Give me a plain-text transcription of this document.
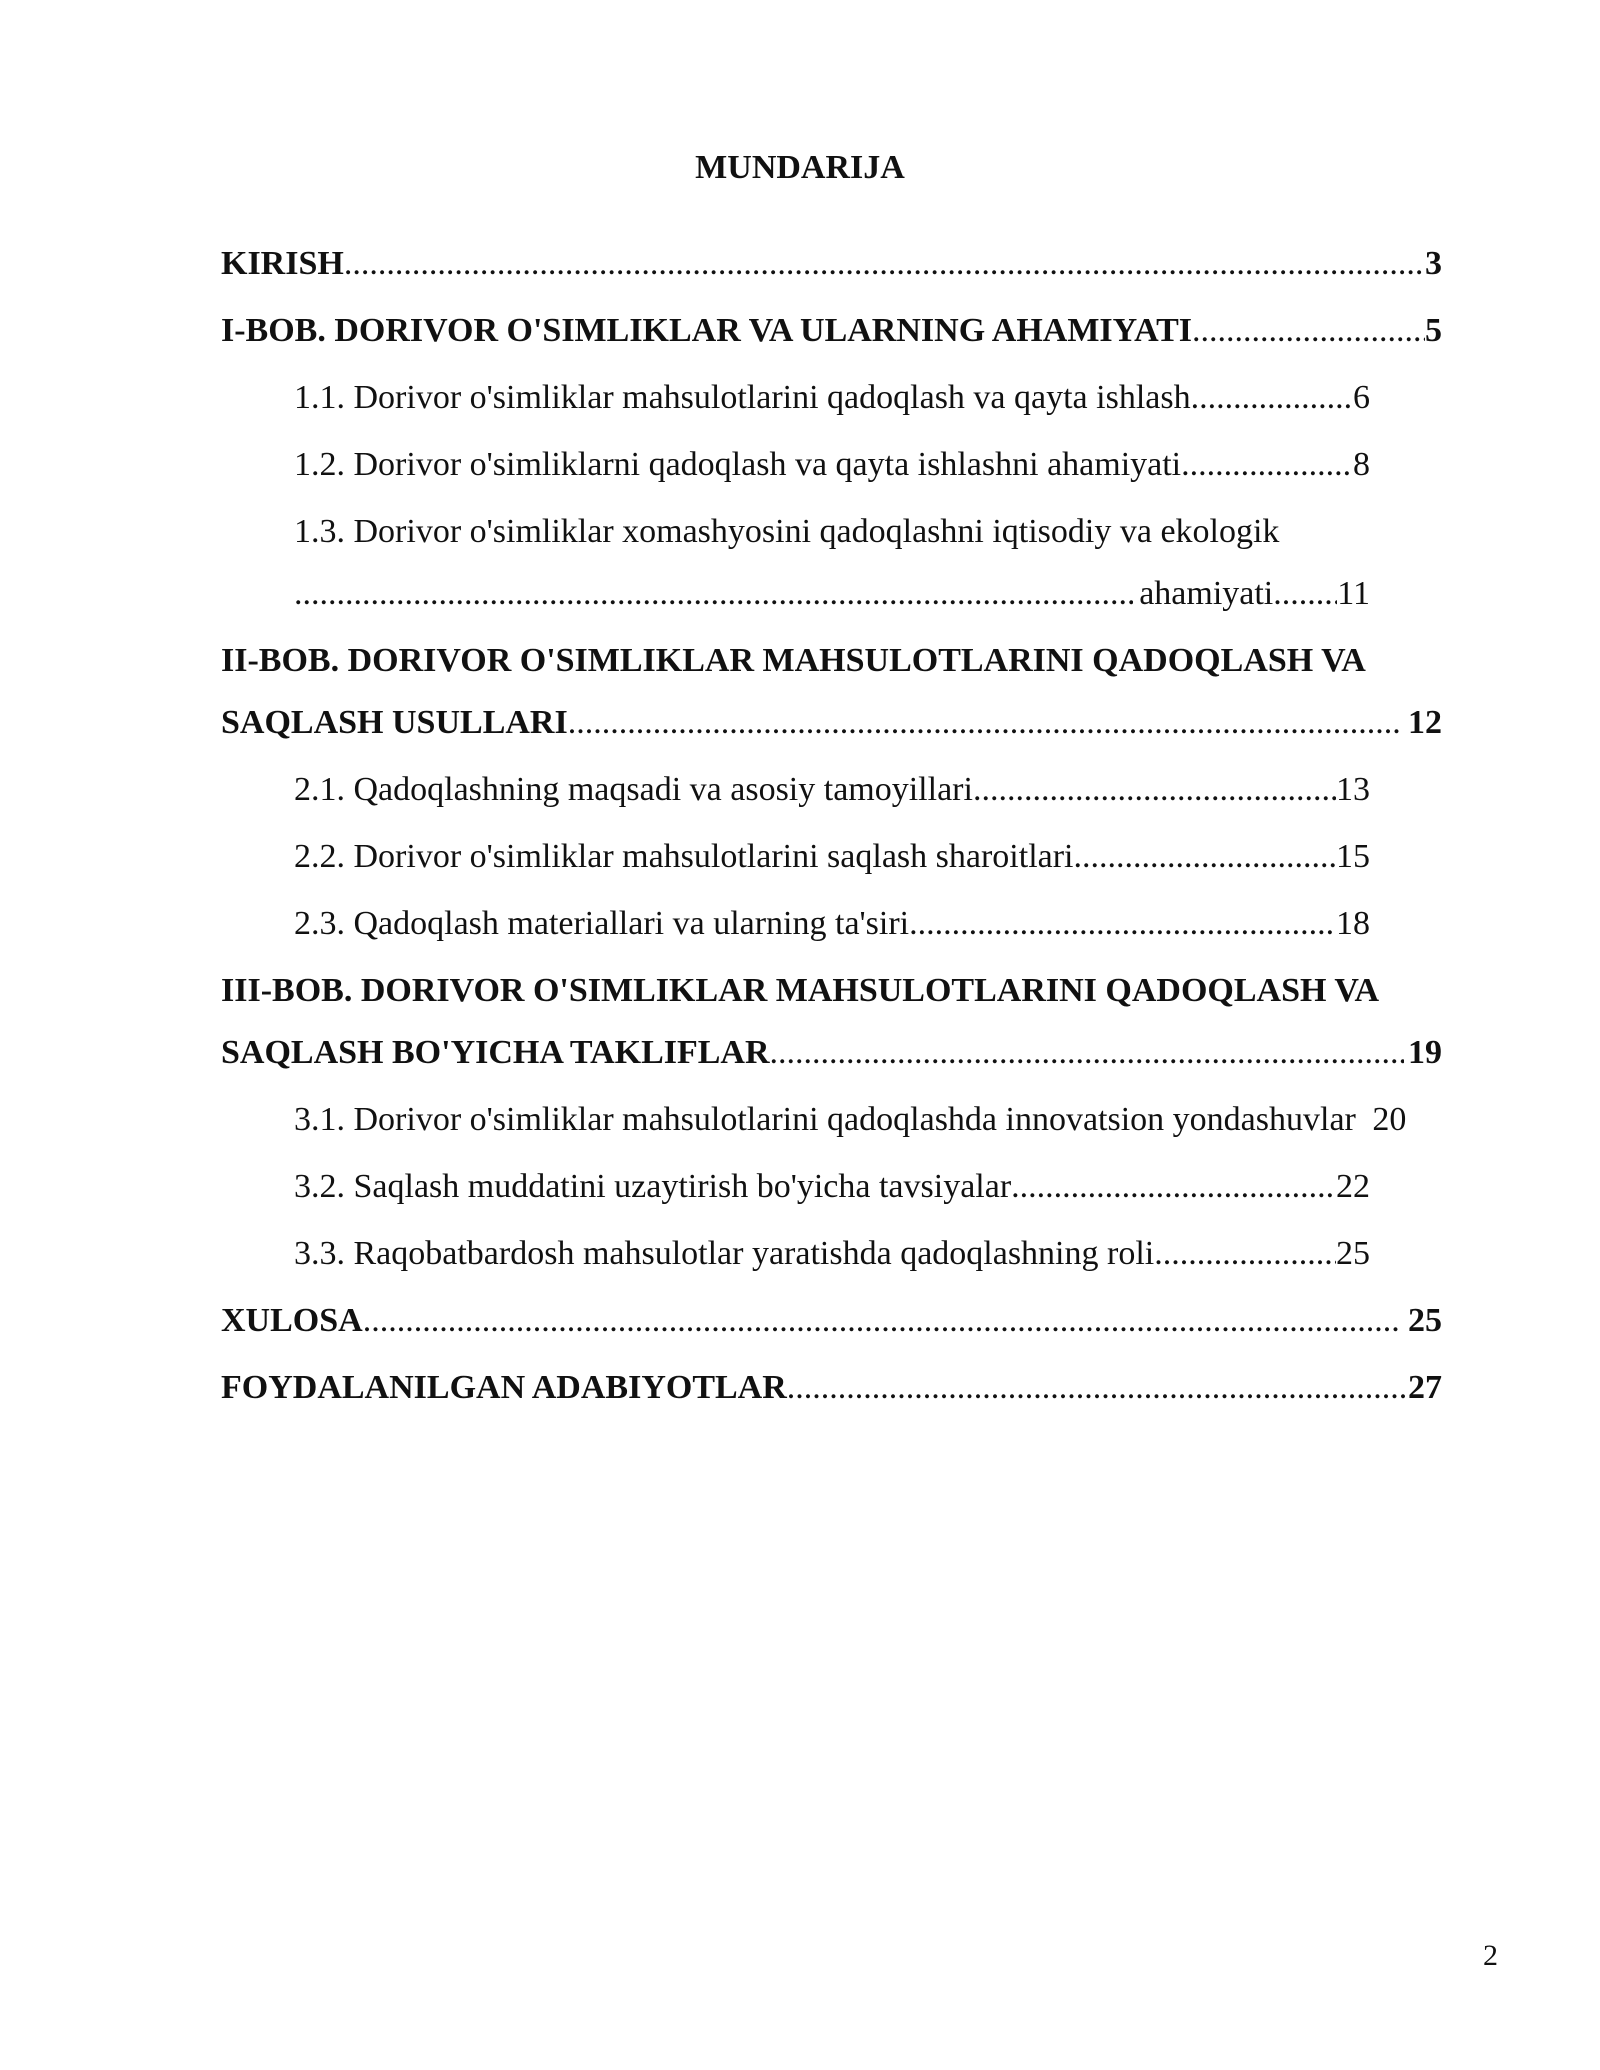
MUNDARIJA
KIRISH .....	3
I-BOB. DORIVOR O'SIMLIKLAR VA ULARNING AHAMIYATI .....	5
1.1. Dorivor o'simliklar mahsulotlarini qadoqlash va qayta ishlash .....	6
1.2. Dorivor o'simliklarni qadoqlash va qayta ishlashni ahamiyati .....	8
1.3. Dorivor o'simliklar xomashyosini qadoqlashni iqtisodiy va ekologik
.....
ahamiyati ..... 11
II-BOB. DORIVOR O'SIMLIKLAR MAHSULOTLARINI QADOQLASH VA
SAQLASH USULLARI .....	12
2.1. Qadoqlashning maqsadi va asosiy tamoyillari .....	13
2.2. Dorivor o'simliklar mahsulotlarini saqlash sharoitlari .....	15
2.3. Qadoqlash materiallari va ularning ta'siri .....	18
III-BOB. DORIVOR O'SIMLIKLAR MAHSULOTLARINI QADOQLASH VA
SAQLASH BO'YICHA TAKLIFLAR .....	19
3.1. Dorivor o'simliklar mahsulotlarini qadoqlashda innovatsion yondashuvlar 20
3.2. Saqlash muddatini uzaytirish bo'yicha tavsiyalar .....	22
3.3. Raqobatbardosh mahsulotlar yaratishda qadoqlashning roli .....	25
XULOSA .....	25
FOYDALANILGAN ADABIYOTLAR .....	27
2
